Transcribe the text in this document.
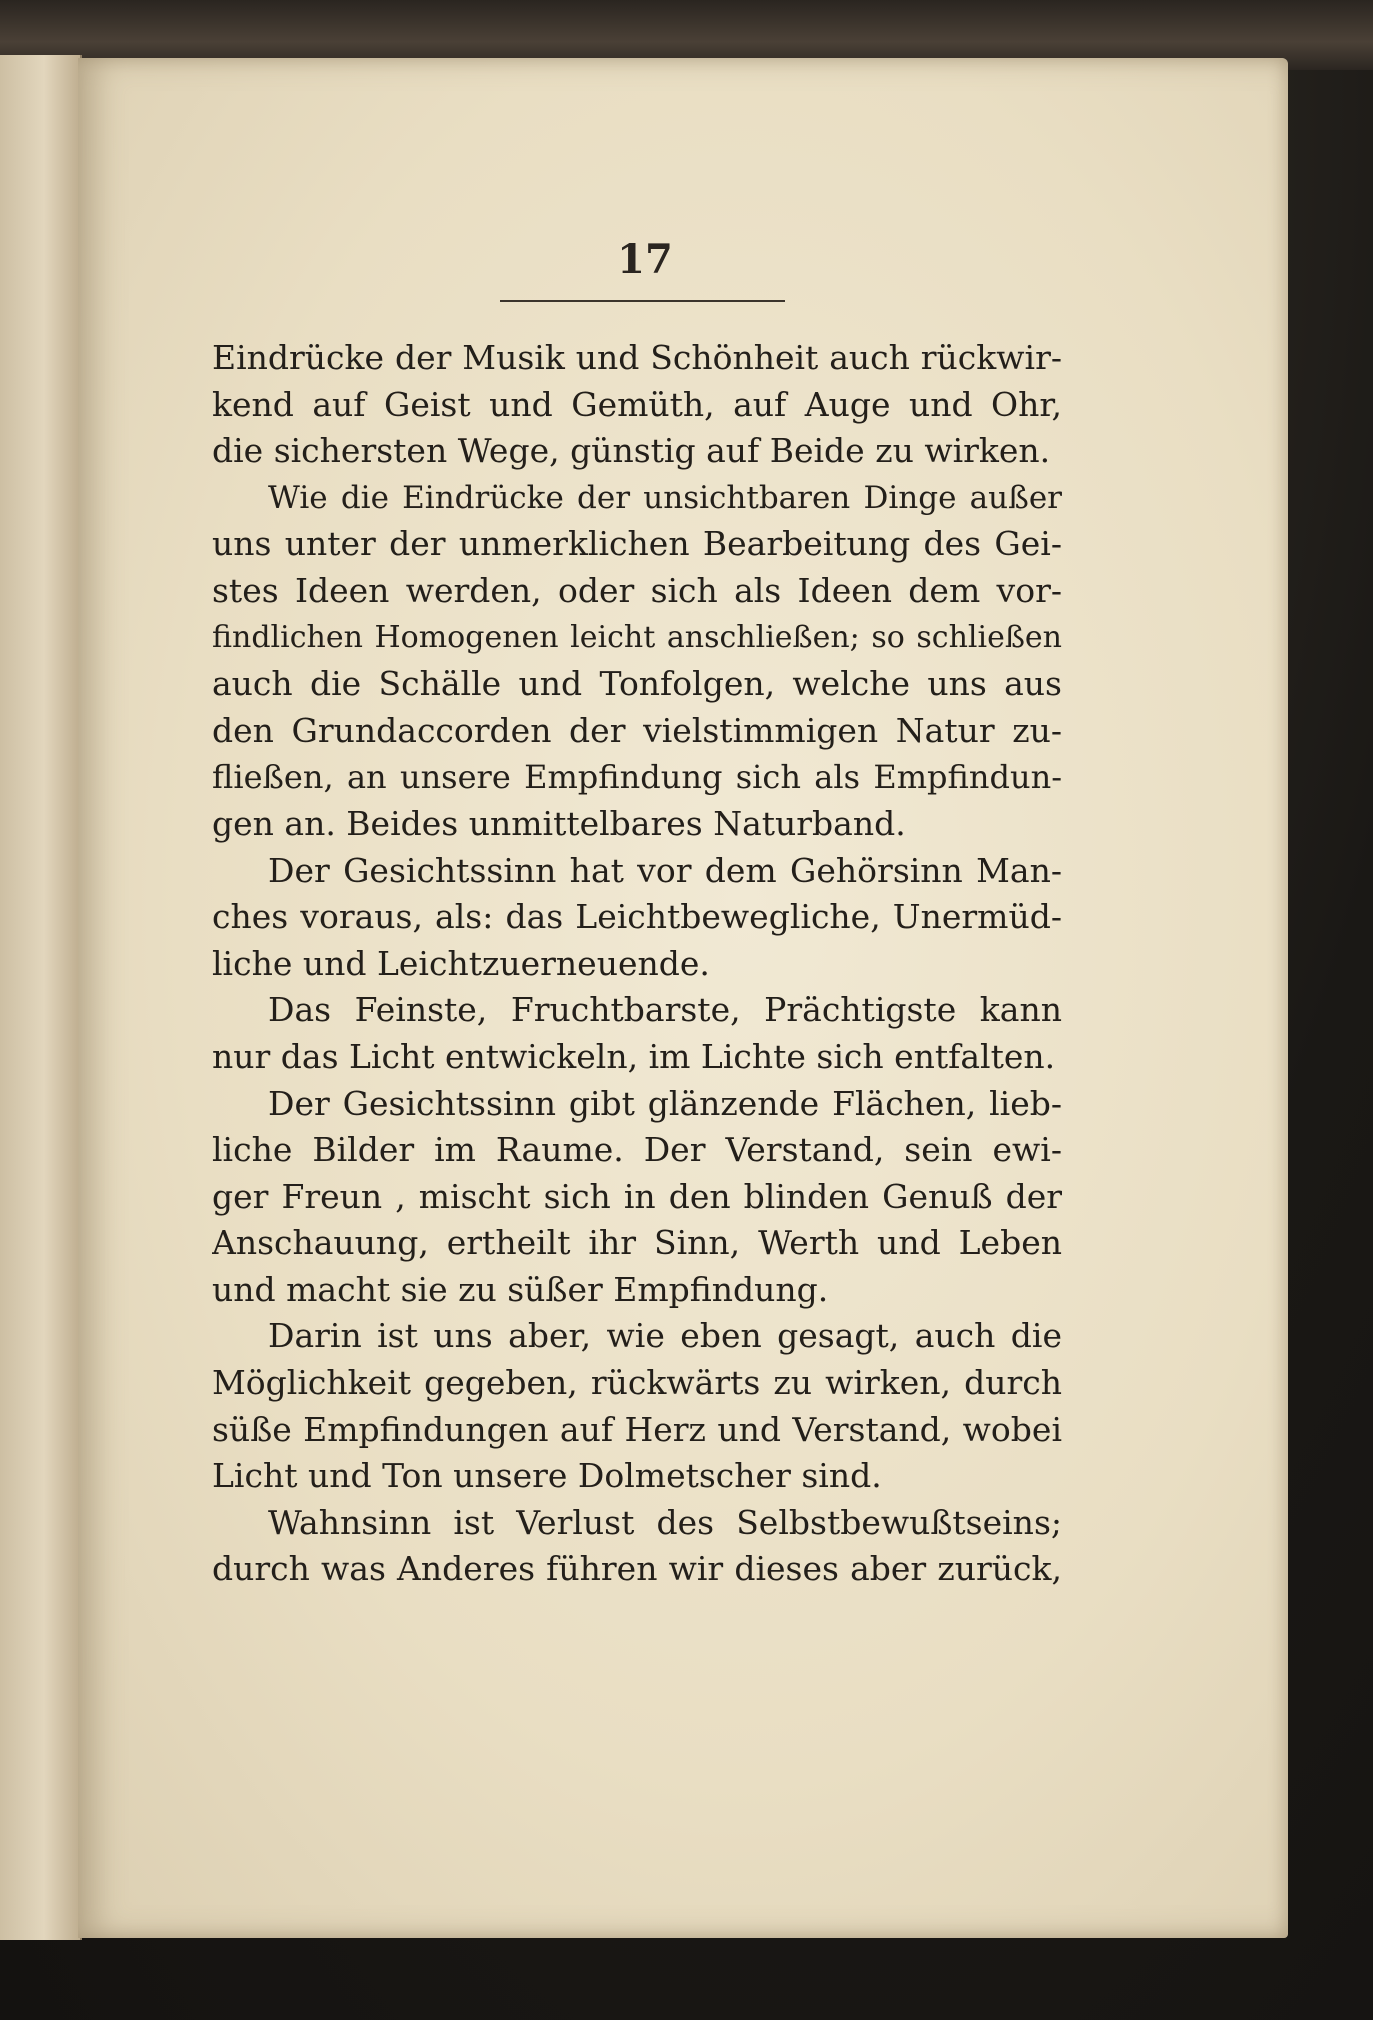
17
Eindrücke der Musik und Schönheit auch rückwir-
kend auf Geist und Gemüth, auf Auge und Ohr,
die sichersten Wege, günstig auf Beide zu wirken.
Wie die Eindrücke der unsichtbaren Dinge außer
uns unter der unmerklichen Bearbeitung des Gei-
stes Ideen werden, oder sich als Ideen dem vor-
findlichen Homogenen leicht anschließen; so schließen
auch die Schälle und Tonfolgen, welche uns aus
den Grundaccorden der vielstimmigen Natur zu-
fließen, an unsere Empfindung sich als Empfindun-
gen an. Beides unmittelbares Naturband.
Der Gesichtssinn hat vor dem Gehörsinn Man-
ches voraus, als: das Leichtbewegliche, Unermüd-
liche und Leichtzuerneuende.
Das Feinste, Fruchtbarste, Prächtigste kann
nur das Licht entwickeln, im Lichte sich entfalten.
Der Gesichtssinn gibt glänzende Flächen, lieb-
liche Bilder im Raume. Der Verstand, sein ewi-
ger Freun , mischt sich in den blinden Genuß der
Anschauung, ertheilt ihr Sinn, Werth und Leben
und macht sie zu süßer Empfindung.
Darin ist uns aber, wie eben gesagt, auch die
Möglichkeit gegeben, rückwärts zu wirken, durch
süße Empfindungen auf Herz und Verstand, wobei
Licht und Ton unsere Dolmetscher sind.
Wahnsinn ist Verlust des Selbstbewußtseins;
durch was Anderes führen wir dieses aber zurück,
